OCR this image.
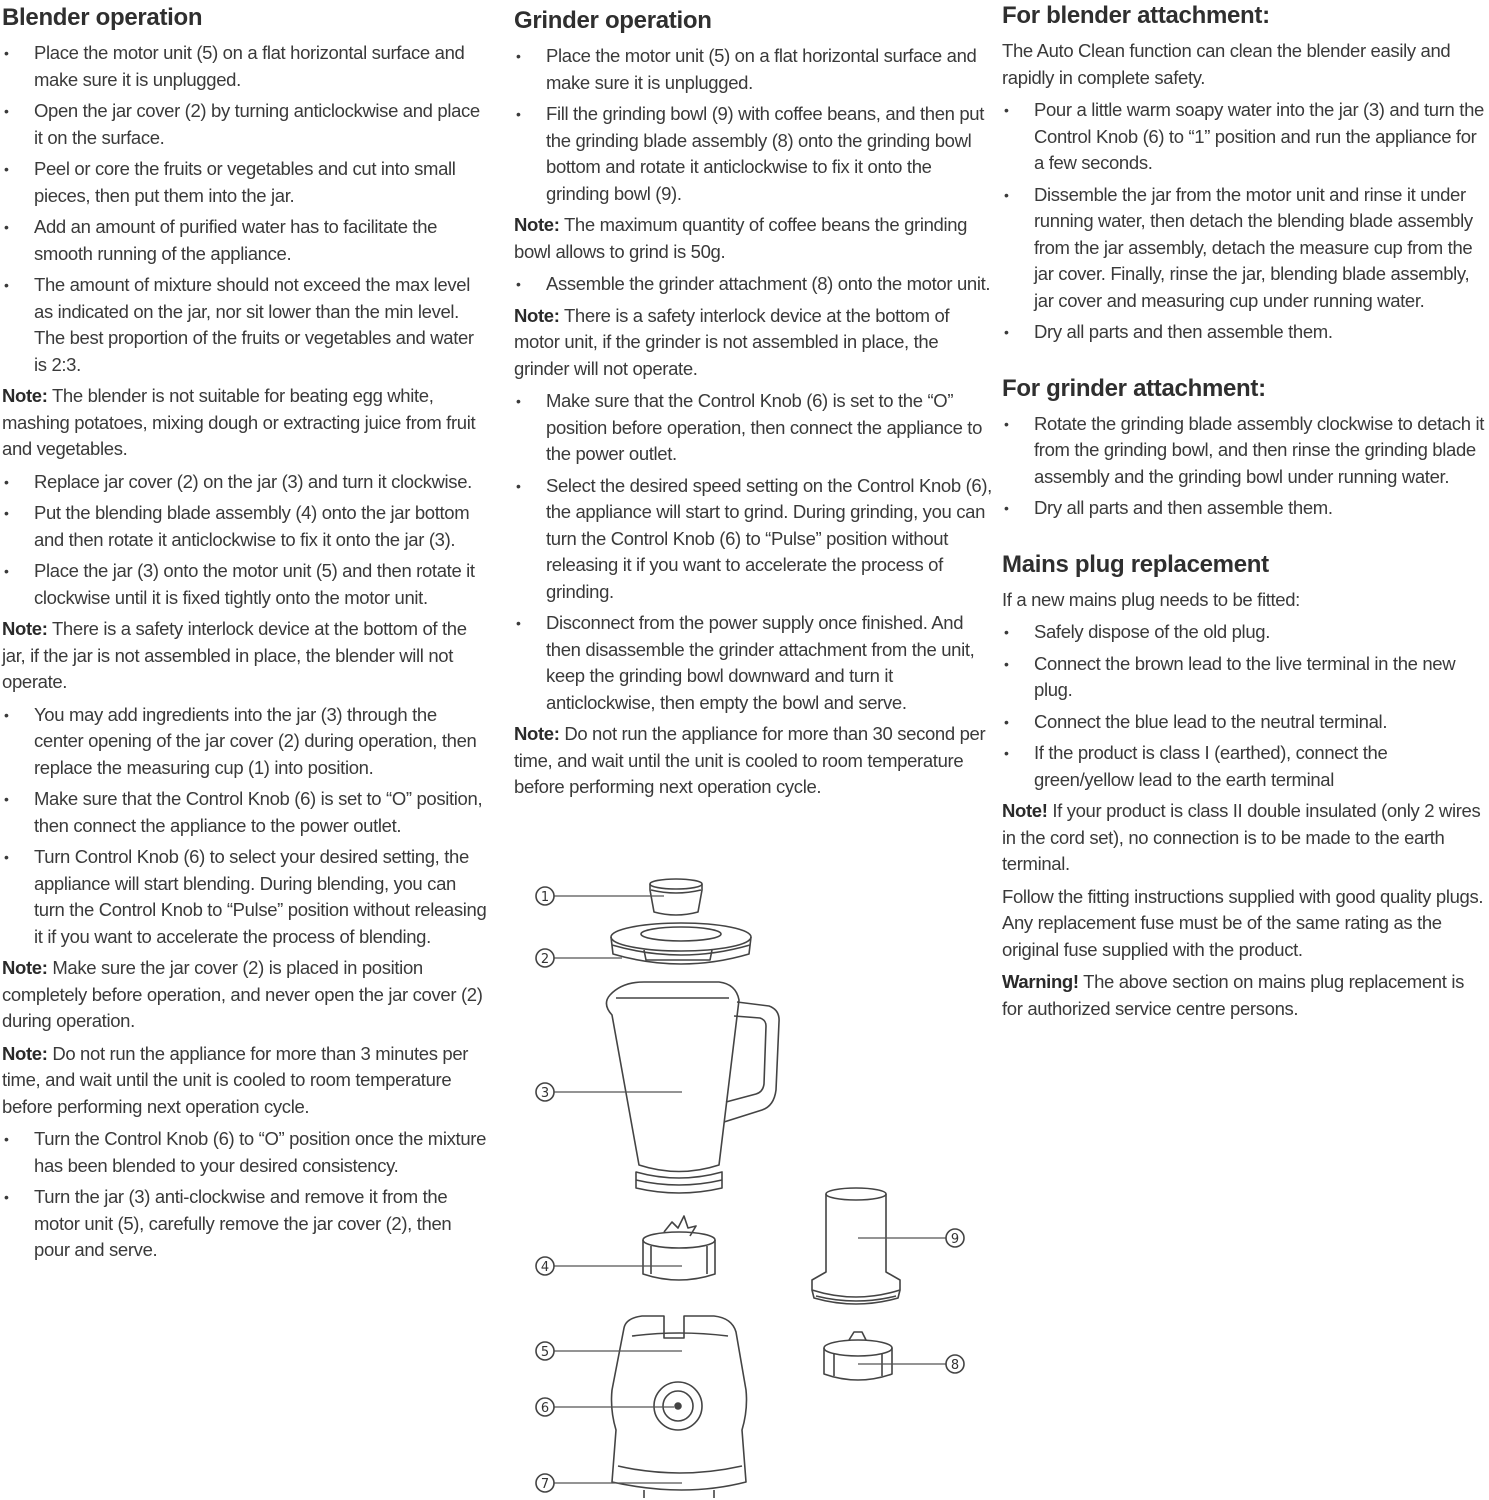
Blender operation
• Place the motor unit (5) on a flat horizontal surface and make sure it is unplugged.
• Open the jar cover (2) by turning anticlockwise and place it on the surface.
• Peel or core the fruits or vegetables and cut into small pieces, then put them into the jar.
• Add an amount of purified water has to facilitate the smooth running of the appliance.
• The amount of mixture should not exceed the max level as indicated on the jar, nor sit lower than the min level. The best proportion of the fruits or vegetables and water is 2:3.
Note: The blender is not suitable for beating egg white, mashing potatoes, mixing dough or extracting juice from fruit and vegetables.
• Replace jar cover (2) on the jar (3) and turn it clockwise.
• Put the blending blade assembly (4) onto the jar bottom and then rotate it anticlockwise to fix it onto the jar (3).
• Place the jar (3) onto the motor unit (5) and then rotate it clockwise until it is fixed tightly onto the motor unit.
Note: There is a safety interlock device at the bottom of the jar, if the jar is not assembled in place, the blender will not operate.
• You may add ingredients into the jar (3) through the center opening of the jar cover (2) during operation, then replace the measuring cup (1) into position.
• Make sure that the Control Knob (6) is set to “O” position, then connect the appliance to the power outlet.
• Turn Control Knob (6) to select your desired setting, the appliance will start blending. During blending, you can turn the Control Knob to “Pulse” position without releasing it if you want to accelerate the process of blending.
Note: Make sure the jar cover (2) is placed in position completely before operation, and never open the jar cover (2) during operation.
Note: Do not run the appliance for more than 3 minutes per time, and wait until the unit is cooled to room temperature before performing next operation cycle.
• Turn the Control Knob (6) to “O” position once the mixture has been blended to your desired consistency.
• Turn the jar (3) anti-clockwise and remove it from the motor unit (5), carefully remove the jar cover (2), then pour and serve.
Grinder operation
• Place the motor unit (5) on a flat horizontal surface and make sure it is unplugged.
• Fill the grinding bowl (9) with coffee beans, and then put the grinding blade assembly (8) onto the grinding bowl bottom and rotate it anticlockwise to fix it onto the grinding bowl (9).
Note: The maximum quantity of coffee beans the grinding bowl allows to grind is 50g.
• Assemble the grinder attachment (8) onto the motor unit.
Note: There is a safety interlock device at the bottom of motor unit, if the grinder is not assembled in place, the grinder will not operate.
• Make sure that the Control Knob (6) is set to the “O” position before operation, then connect the appliance to the power outlet.
• Select the desired speed setting on the Control Knob (6), the appliance will start to grind. During grinding, you can turn the Control Knob (6) to “Pulse” position without releasing it if you want to accelerate the process of grinding.
• Disconnect from the power supply once finished. And then disassemble the grinder attachment from the unit, keep the grinding bowl downward and turn it anticlockwise, then empty the bowl and serve.
Note: Do not run the appliance for more than 30 second per time, and wait until the unit is cooled to room temperature before performing next operation cycle.
For blender attachment:
The Auto Clean function can clean the blender easily and rapidly in complete safety.
• Pour a little warm soapy water into the jar (3) and turn the Control Knob (6) to “1” position and run the appliance for a few seconds.
• Dissemble the jar from the motor unit and rinse it under running water, then detach the blending blade assembly from the jar assembly, detach the measure cup from the jar cover. Finally, rinse the jar, blending blade assembly, jar cover and measuring cup under running water.
• Dry all parts and then assemble them.
For grinder attachment:
• Rotate the grinding blade assembly clockwise to detach it from the grinding bowl, and then rinse the grinding blade assembly and the grinding bowl under running water.
• Dry all parts and then assemble them.
Mains plug replacement
If a new mains plug needs to be fitted:
• Safely dispose of the old plug.
• Connect the brown lead to the live terminal in the new plug.
• Connect the blue lead to the neutral terminal.
• If the product is class I (earthed), connect the green/yellow lead to the earth terminal
Note! If your product is class II double insulated (only 2 wires in the cord set), no connection is to be made to the earth terminal.
Follow the fitting instructions supplied with good quality plugs. Any replacement fuse must be of the same rating as the original fuse supplied with the product.
Warning! The above section on mains plug replacement is for authorized service centre persons.
1
2
3
4
5
6
7
8
9
